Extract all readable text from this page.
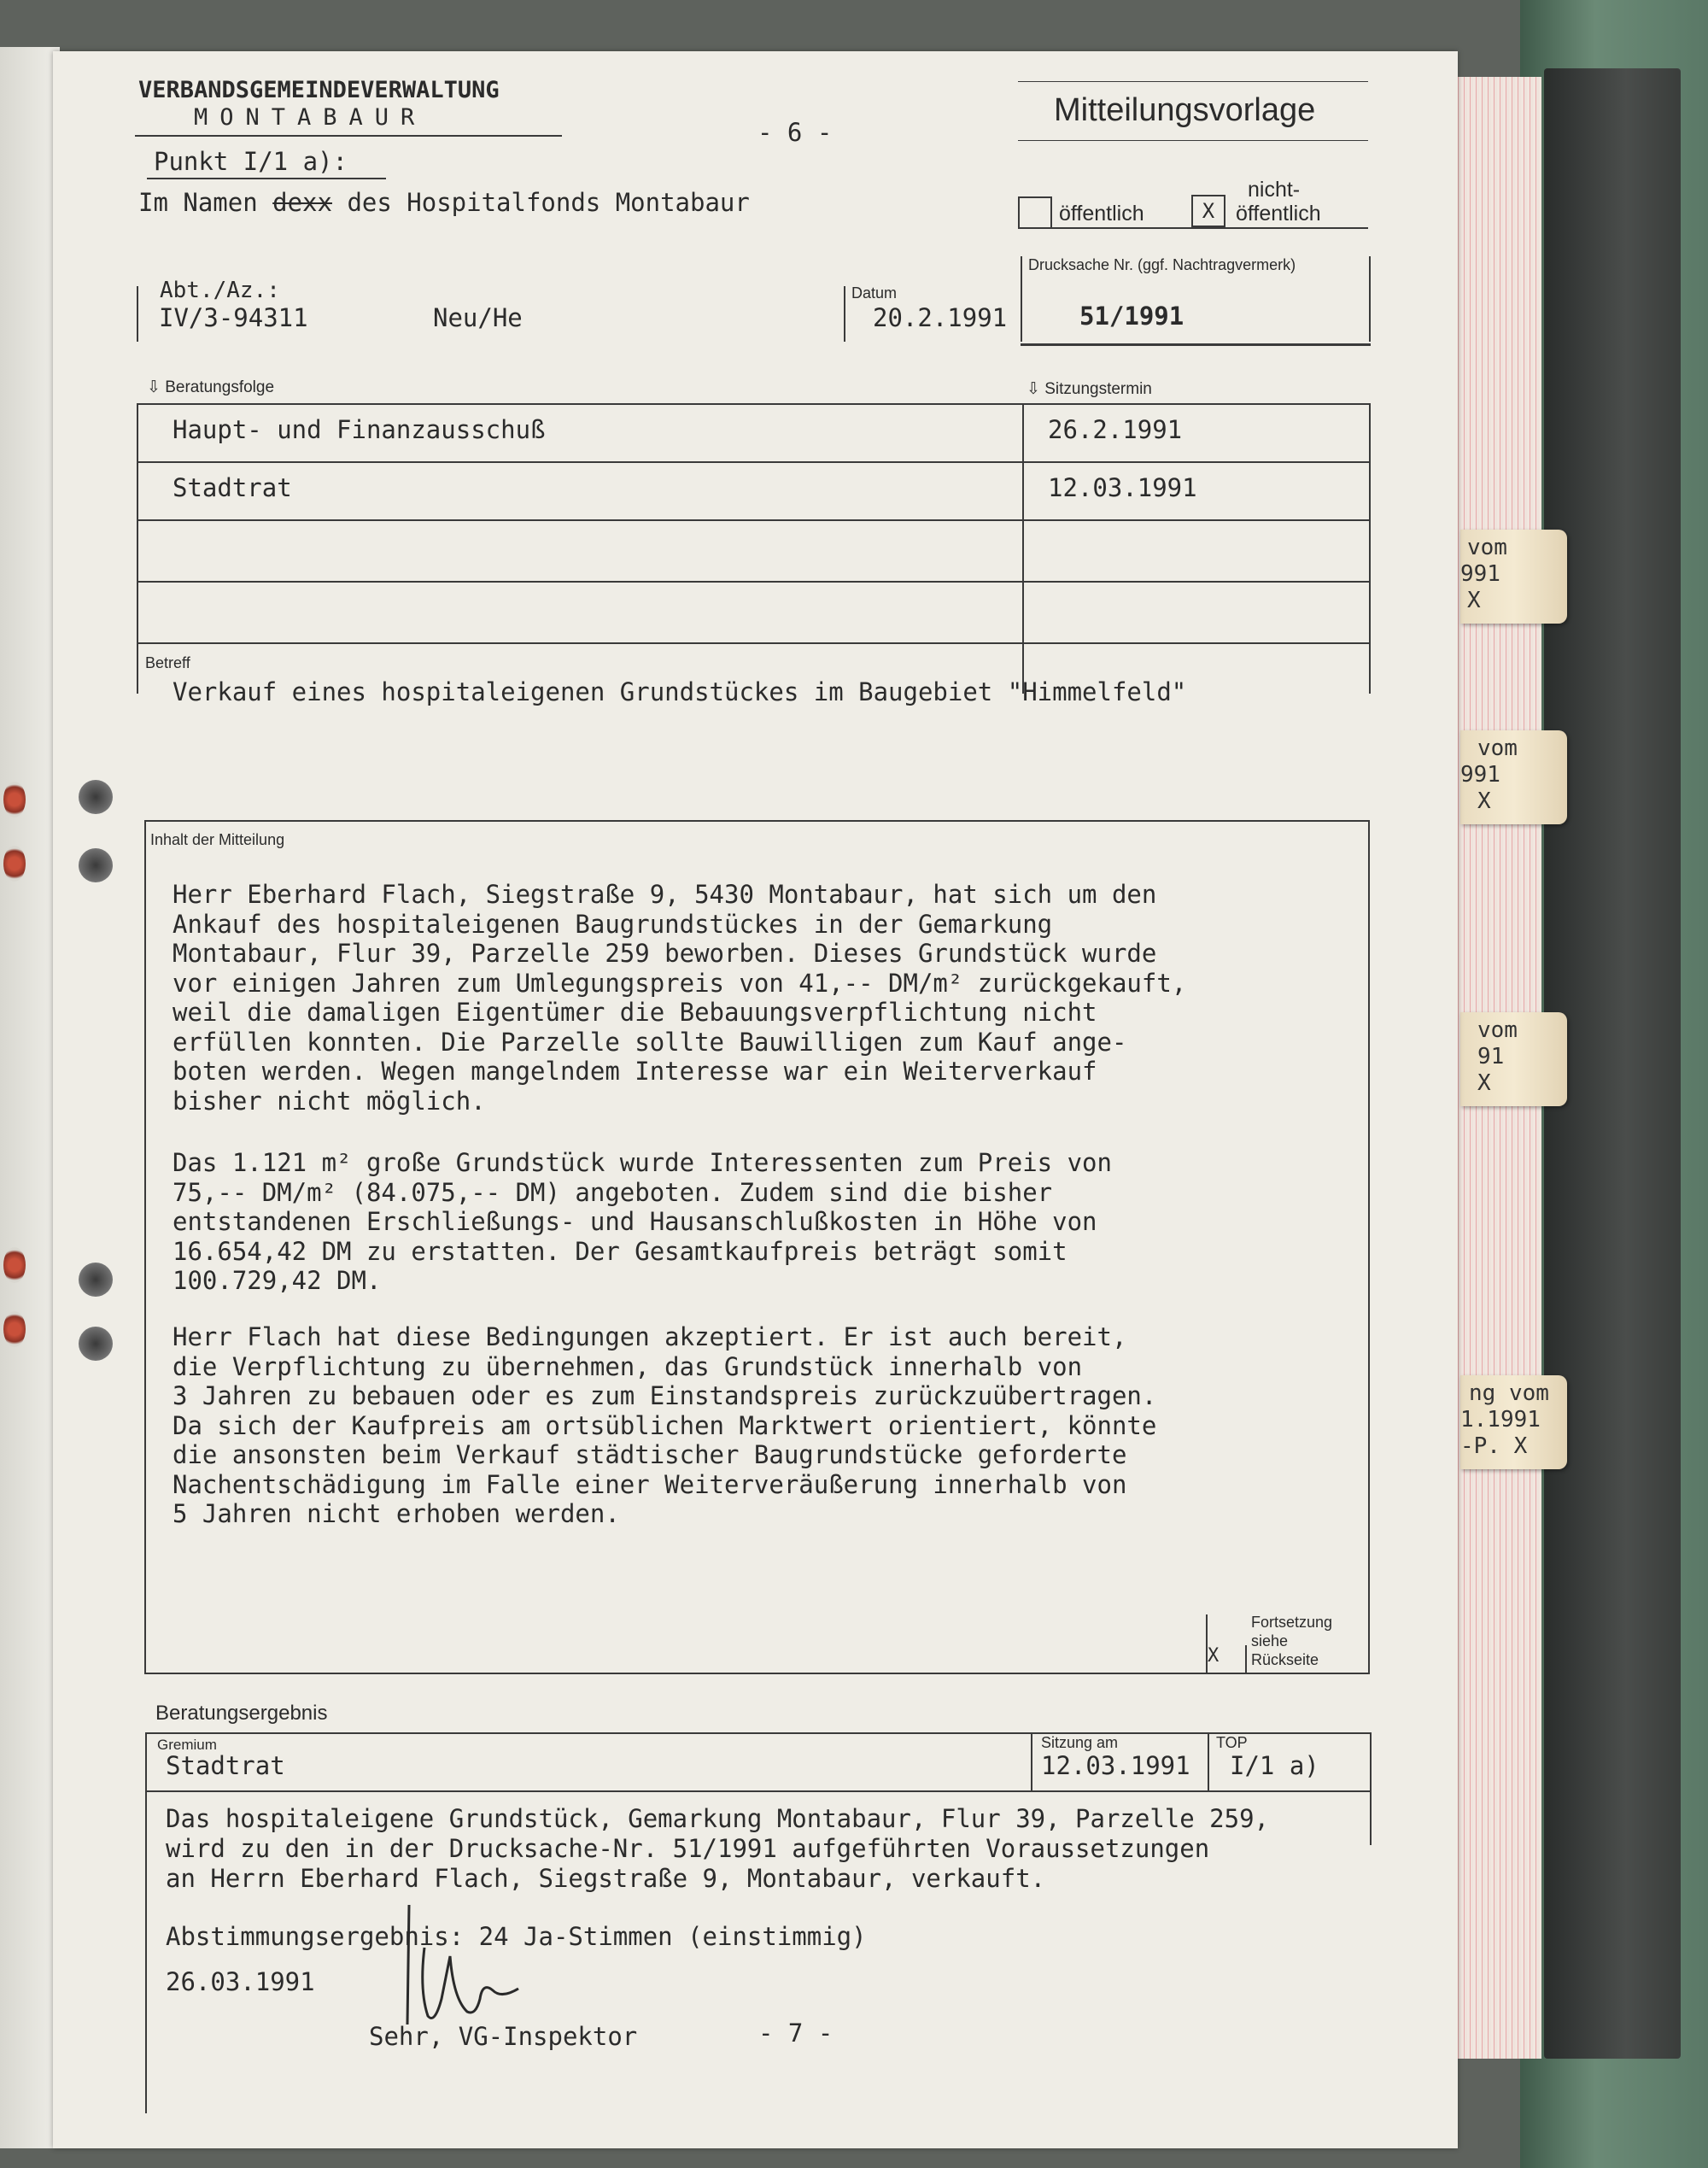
vom
991
X
vom
991
X
vom
91
X
ng vom
1.1991
-P. X
VERBANDSGEMEINDEVERWALTUNG
MONTABAUR
- 6 -
Mitteilungsvorlage
Punkt I/1 a):
Im Namen dexx des Hospitalfonds Montabaur	öffentlich	X
nicht-
öffentlich
Drucksache Nr. (ggf. Nachtragvermerk)
Abt./Az.:
IV/3-94311	Neu/He
Datum
20.2.1991	51/1991
⇩ Beratungsfolge	⇩ Sitzungstermin
Haupt- und Finanzausschuß	26.2.1991
Stadtrat	12.03.1991
Betreff
Verkauf eines hospitaleigenen Grundstückes im Baugebiet "Himmelfeld"
Inhalt der Mitteilung
Herr Eberhard Flach, Siegstraße 9, 5430 Montabaur, hat sich um den
Ankauf des hospitaleigenen Baugrundstückes in der Gemarkung
Montabaur, Flur 39, Parzelle 259 beworben. Dieses Grundstück wurde
vor einigen Jahren zum Umlegungspreis von 41,-- DM/m² zurückgekauft,
weil die damaligen Eigentümer die Bebauungsverpflichtung nicht
erfüllen konnten. Die Parzelle sollte Bauwilligen zum Kauf ange-
boten werden. Wegen mangelndem Interesse war ein Weiterverkauf
bisher nicht möglich.
Das 1.121 m² große Grundstück wurde Interessenten zum Preis von
75,-- DM/m² (84.075,-- DM) angeboten. Zudem sind die bisher
entstandenen Erschließungs- und Hausanschlußkosten in Höhe von
16.654,42 DM zu erstatten. Der Gesamtkaufpreis beträgt somit
100.729,42 DM.
Herr Flach hat diese Bedingungen akzeptiert. Er ist auch bereit,
die Verpflichtung zu übernehmen, das Grundstück innerhalb von
3 Jahren zu bebauen oder es zum Einstandspreis zurückzuübertragen.
Da sich der Kaufpreis am ortsüblichen Marktwert orientiert, könnte
die ansonsten beim Verkauf städtischer Baugrundstücke geforderte
Nachentschädigung im Falle einer Weiterveräußerung innerhalb von
5 Jahren nicht erhoben werden.
X
Fortsetzung
siehe
Rückseite
Beratungsergebnis
Gremium
Stadtrat
Sitzung am
12.03.1991
TOP
I/1 a)
Das hospitaleigene Grundstück, Gemarkung Montabaur, Flur 39, Parzelle 259,
wird zu den in der Drucksache-Nr. 51/1991 aufgeführten Voraussetzungen
an Herrn Eberhard Flach, Siegstraße 9, Montabaur, verkauft.
Abstimmungsergebnis: 24 Ja-Stimmen (einstimmig)
26.03.1991
Sehr, VG-Inspektor	- 7 -
